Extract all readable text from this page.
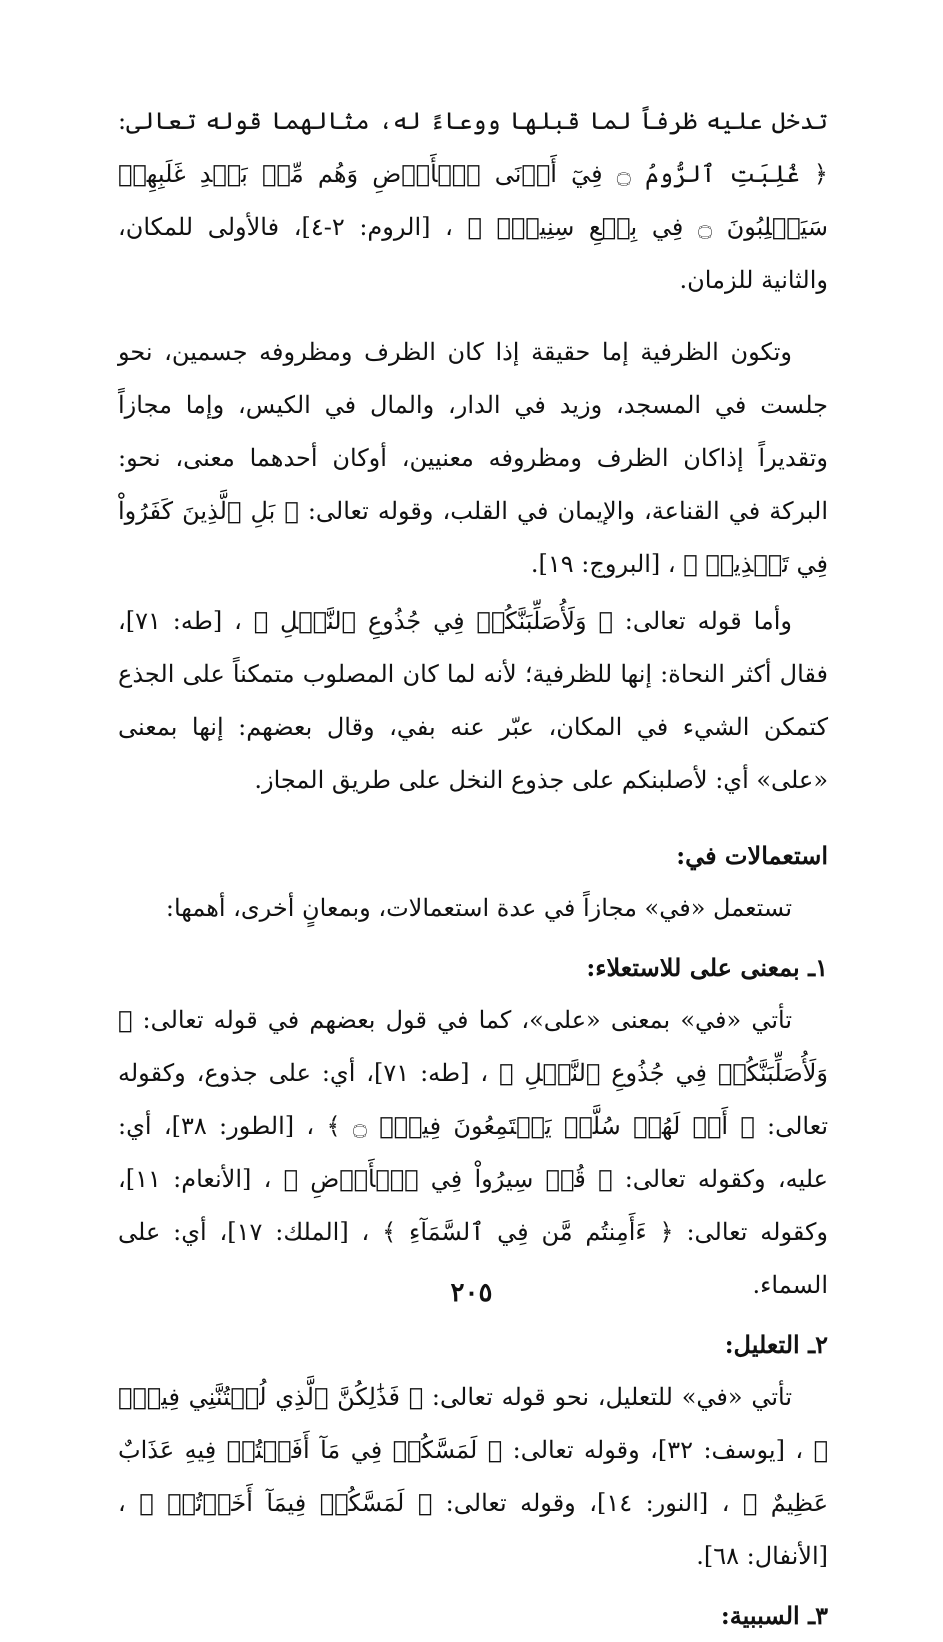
تدخل عليه ظرفاً لما قبلها ووعاءً له، مثالهما قوله تعالى: ﴿ غُلِبَتِ ٱلرُّومُ ۝ فِيٓ أَدۡنَى ٱلۡأَرۡضِ وَهُم مِّنۢ بَعۡدِ غَلَبِهِمۡ سَيَغۡلِبُونَ ۝ فِي بِضۡعِ سِنِينَۗ ﴾ ، [الروم: ٢-٤]، فالأولى للمكان، والثانية للزمان.

وتكون الظرفية إما حقيقة إذا كان الظرف ومظروفه جسمين، نحو جلست في المسجد، وزيد في الدار، والمال في الكيس، وإما مجازاً وتقديراً إذاكان الظرف ومظروفه معنيين، أوكان أحدهما معنى، نحو: البركة في القناعة، والإيمان في القلب، وقوله تعالى: ﴿ بَلِ ٱلَّذِينَ كَفَرُواْ فِي تَكۡذِيبٖ ﴾ ، [البروج: ١٩].

وأما قوله تعالى: ﴿ وَلَأُصَلِّبَنَّكُمۡ فِي جُذُوعِ ٱلنَّخۡلِ ﴾ ، [طه: ٧١]، فقال أكثر النحاة: إنها للظرفية؛ لأنه لما كان المصلوب متمكناً على الجذع كتمكن الشيء في المكان، عبّر عنه بفي، وقال بعضهم: إنها بمعنى «على» أي: لأصلبنكم على جذوع النخل على طريق المجاز.

استعمالات في:

تستعمل «في» مجازاً في عدة استعمالات، وبمعانٍ أخرى، أهمها:

١ـ بمعنى على للاستعلاء:

تأتي «في» بمعنى «على»، كما في قول بعضهم في قوله تعالى: ﴿ وَلَأُصَلِّبَنَّكُمۡ فِي جُذُوعِ ٱلنَّخۡلِ ﴾ ، [طه: ٧١]، أي: على جذوع، وكقوله تعالى: ﴿ أَمۡ لَهُمۡ سُلَّمٞ يَسۡتَمِعُونَ فِيهِۖ ۝ ﴾ ، [الطور: ٣٨]، أي: عليه، وكقوله تعالى: ﴿ قُلۡ سِيرُواْ فِي ٱلۡأَرۡضِ ﴾ ، [الأنعام: ١١]، وكقوله تعالى: ﴿ ءَأَمِنتُم مَّن فِي ٱلسَّمَآءِ ﴾ ، [الملك: ١٧]، أي: على السماء.

٢ـ التعليل:

تأتي «في» للتعليل، نحو قوله تعالى: ﴿ فَذَٰلِكُنَّ ٱلَّذِي لُمۡتُنَّنِي فِيهِۖ ﴾ ، [يوسف: ٣٢]، وقوله تعالى: ﴿ لَمَسَّكُمۡ فِي مَآ أَفَضۡتُمۡ فِيهِ عَذَابٌ عَظِيمٌ ﴾ ، [النور: ١٤]، وقوله تعالى: ﴿ لَمَسَّكُمۡ فِيمَآ أَخَذۡتُمۡ ﴾ ، [الأنفال: ٦٨].

٣ـ السببية:
٢٠٥
